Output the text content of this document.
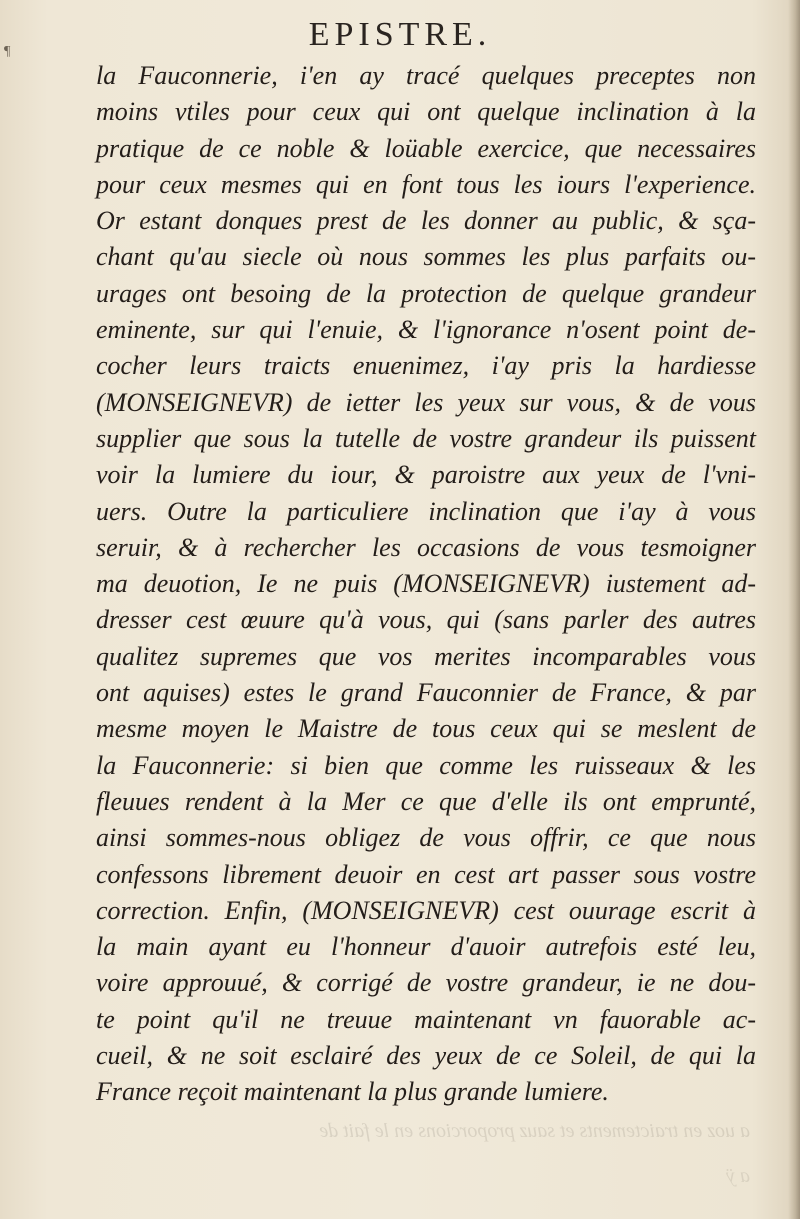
EPISTRE.
¶
la Fauconnerie, i'en ay tracé quelques preceptes non
moins vtiles pour ceux qui ont quelque inclination à la
pratique de ce noble & loüable exercice, que necessaires
pour ceux mesmes qui en font tous les iours l'experience.
Or estant donques prest de les donner au public, & sça-
chant qu'au siecle où nous sommes les plus parfaits ou-
urages ont besoing de la protection de quelque grandeur
eminente, sur qui l'enuie, & l'ignorance n'osent point de-
cocher leurs traicts enuenimez, i'ay pris la hardiesse
(MONSEIGNEVR) de ietter les yeux sur vous, & de vous
supplier que sous la tutelle de vostre grandeur ils puissent
voir la lumiere du iour, & paroistre aux yeux de l'vni-
uers. Outre la particuliere inclination que i'ay à vous
seruir, & à rechercher les occasions de vous tesmoigner
ma deuotion, Ie ne puis (MONSEIGNEVR) iustement ad-
dresser cest œuure qu'à vous, qui (sans parler des autres
qualitez supremes que vos merites incomparables vous
ont aquises) estes le grand Fauconnier de France, & par
mesme moyen le Maistre de tous ceux qui se meslent de
la Fauconnerie: si bien que comme les ruisseaux & les
fleuues rendent à la Mer ce que d'elle ils ont emprunté,
ainsi sommes-nous obligez de vous offrir, ce que nous
confessons librement deuoir en cest art passer sous vostre
correction. Enfin, (MONSEIGNEVR) cest ouurage escrit à
la main ayant eu l'honneur d'auoir autrefois esté leu,
voire approuué, & corrigé de vostre grandeur, ie ne dou-
te point qu'il ne treuue maintenant vn fauorable ac-
cueil, & ne soit esclairé des yeux de ce Soleil, de qui la
France reçoit maintenant la plus grande lumiere.
a uoz en traictements et sauz proporcions en le fait de
a ÿ
